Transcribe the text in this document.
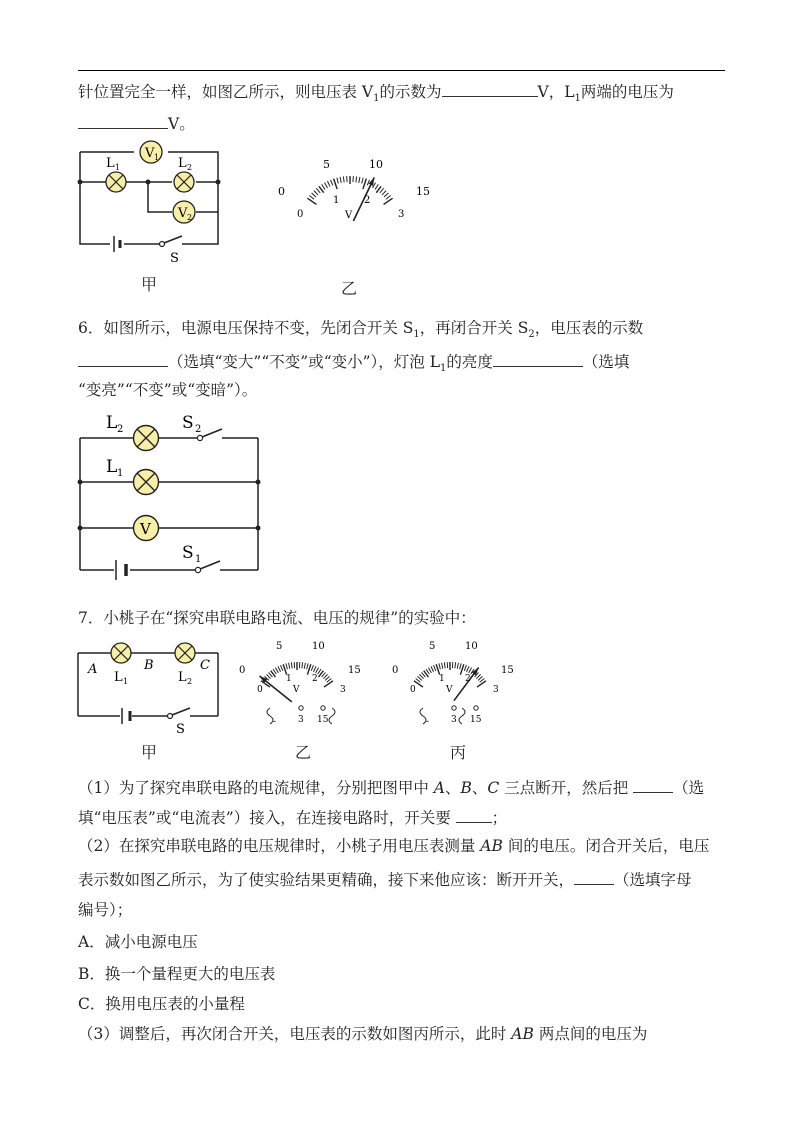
针位置完全一样，如图乙所示，则电压表 $V_1$的示数为	V，$L_1$两端的电压为
V。
V 1
L 1	L 2
V 2
S
0
5	10
15
0
1 2
3
V
甲	乙
6．如图所示，电源电压保持不变，先闭合开关 $S_1$，再闭合开关 $S_2$，电压表的示数
（选填“变大”“不变”或“变小”），灯泡 $L_1$的亮度	（选填
“变亮”“不变”或“变暗”）。
L 2	S 2
L 1
V
S 1
7．小桃子在“探究串联电路电流、电压的规律”的实验中：
A	B	C
L 1	L 2
S
0
5	10
15
0
1 2
3
V
- 3 15
0
5	10
15
0
1 2
3
V
- 3 15
甲	乙	丙
（1）为了探究串联电路的电流规律，分别把图甲中 A、B、C 三点断开，然后把	（选
填“电压表”或“电流表”）接入，在连接电路时，开关要	；
（2）在探究串联电路的电压规律时，小桃子用电压表测量 AB 间的电压。闭合开关后，电压
表示数如图乙所示，为了使实验结果更精确，接下来他应该：断开开关，	（选填字母
编号）；
A．减小电源电压
B．换一个量程更大的电压表
C．换用电压表的小量程
（3）调整后，再次闭合开关，电压表的示数如图丙所示，此时 AB 两点间的电压为
